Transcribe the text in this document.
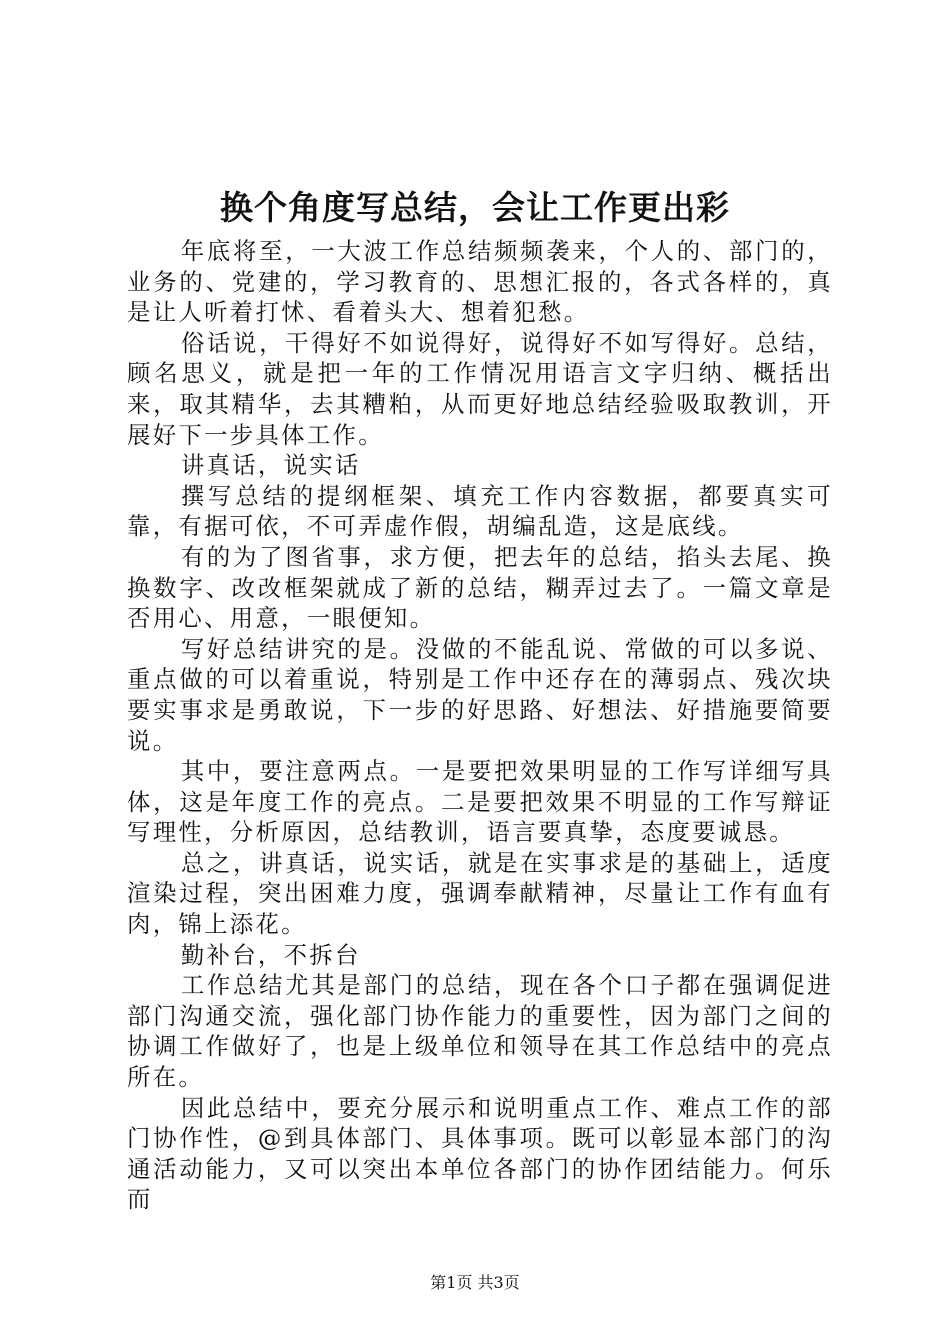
换个角度写总结，会让工作更出彩

年底将至，一大波工作总结频频袭来，个人的、部门的，业务的、党建的，学习教育的、思想汇报的，各式各样的，真是让人听着打怵、看着头大、想着犯愁。

俗话说，干得好不如说得好，说得好不如写得好。总结，顾名思义，就是把一年的工作情况用语言文字归纳、概括出来，取其精华，去其糟粕，从而更好地总结经验吸取教训，开展好下一步具体工作。

讲真话，说实话

撰写总结的提纲框架、填充工作内容数据，都要真实可靠，有据可依，不可弄虚作假，胡编乱造，这是底线。

有的为了图省事，求方便，把去年的总结，掐头去尾、换换数字、改改框架就成了新的总结，糊弄过去了。一篇文章是否用心、用意，一眼便知。

写好总结讲究的是。没做的不能乱说、常做的可以多说、重点做的可以着重说，特别是工作中还存在的薄弱点、残次块要实事求是勇敢说，下一步的好思路、好想法、好措施要简要说。

其中，要注意两点。一是要把效果明显的工作写详细写具体，这是年度工作的亮点。二是要把效果不明显的工作写辩证写理性，分析原因，总结教训，语言要真挚，态度要诚恳。

总之，讲真话，说实话，就是在实事求是的基础上，适度渲染过程，突出困难力度，强调奉献精神，尽量让工作有血有肉，锦上添花。

勤补台，不拆台

工作总结尤其是部门的总结，现在各个口子都在强调促进部门沟通交流，强化部门协作能力的重要性，因为部门之间的协调工作做好了，也是上级单位和领导在其工作总结中的亮点所在。

因此总结中，要充分展示和说明重点工作、难点工作的部门协作性，@到具体部门、具体事项。既可以彰显本部门的沟通活动能力，又可以突出本单位各部门的协作团结能力。何乐而

第1页 共3页
